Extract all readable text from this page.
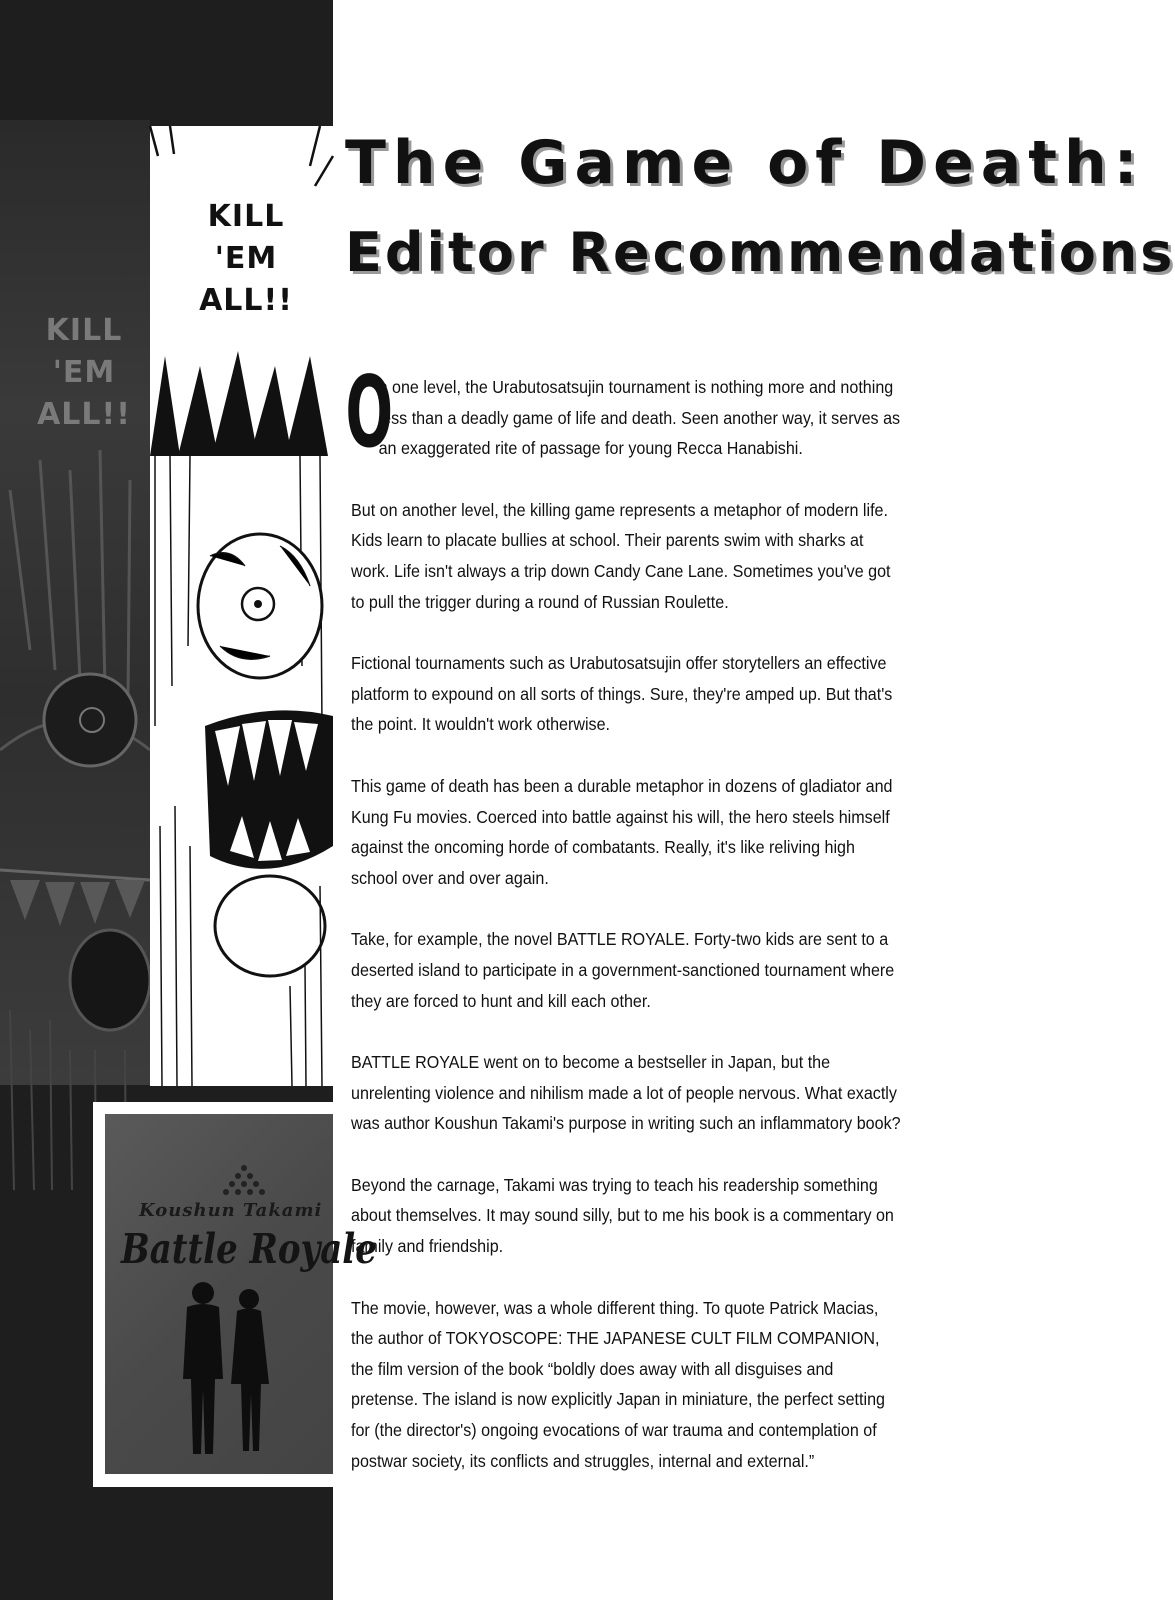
KILL
'EM
ALL!!
KILL
'EM
ALL!!
Koushun Takami
Battle Royale
The Game of Death:
Editor Recommendations

O
n one level, the Urabutosatsujin tournament is nothing more and nothing less than a deadly game of life and death. Seen another way, it serves as an exaggerated rite of passage for young Recca Hanabishi.

But on another level, the killing game represents a metaphor of modern life. Kids learn to placate bullies at school. Their parents swim with sharks at work. Life isn't always a trip down Candy Cane Lane. Sometimes you've got to pull the trigger during a round of Russian Roulette.

Fictional tournaments such as Urabutosatsujin offer storytellers an effective platform to expound on all sorts of things. Sure, they're amped up. But that's the point. It wouldn't work otherwise.

This game of death has been a durable metaphor in dozens of gladiator and Kung Fu movies. Coerced into battle against his will, the hero steels himself against the oncoming horde of combatants. Really, it's like reliving high school over and over again.

Take, for example, the novel BATTLE ROYALE. Forty-two kids are sent to a deserted island to participate in a government-sanctioned tournament where they are forced to hunt and kill each other.

BATTLE ROYALE went on to become a bestseller in Japan, but the unrelenting violence and nihilism made a lot of people nervous. What exactly was author Koushun Takami's purpose in writing such an inflammatory book?

Beyond the carnage, Takami was trying to teach his readership something about themselves. It may sound silly, but to me his book is a commentary on family and friendship.

The movie, however, was a whole different thing. To quote Patrick Macias, the author of TOKYOSCOPE: THE JAPANESE CULT FILM COMPANION, the film version of the book “boldly does away with all disguises and pretense. The island is now explicitly Japan in miniature, the perfect setting for (the director's) ongoing evocations of war trauma and contemplation of postwar society, its conflicts and struggles, internal and external.”
